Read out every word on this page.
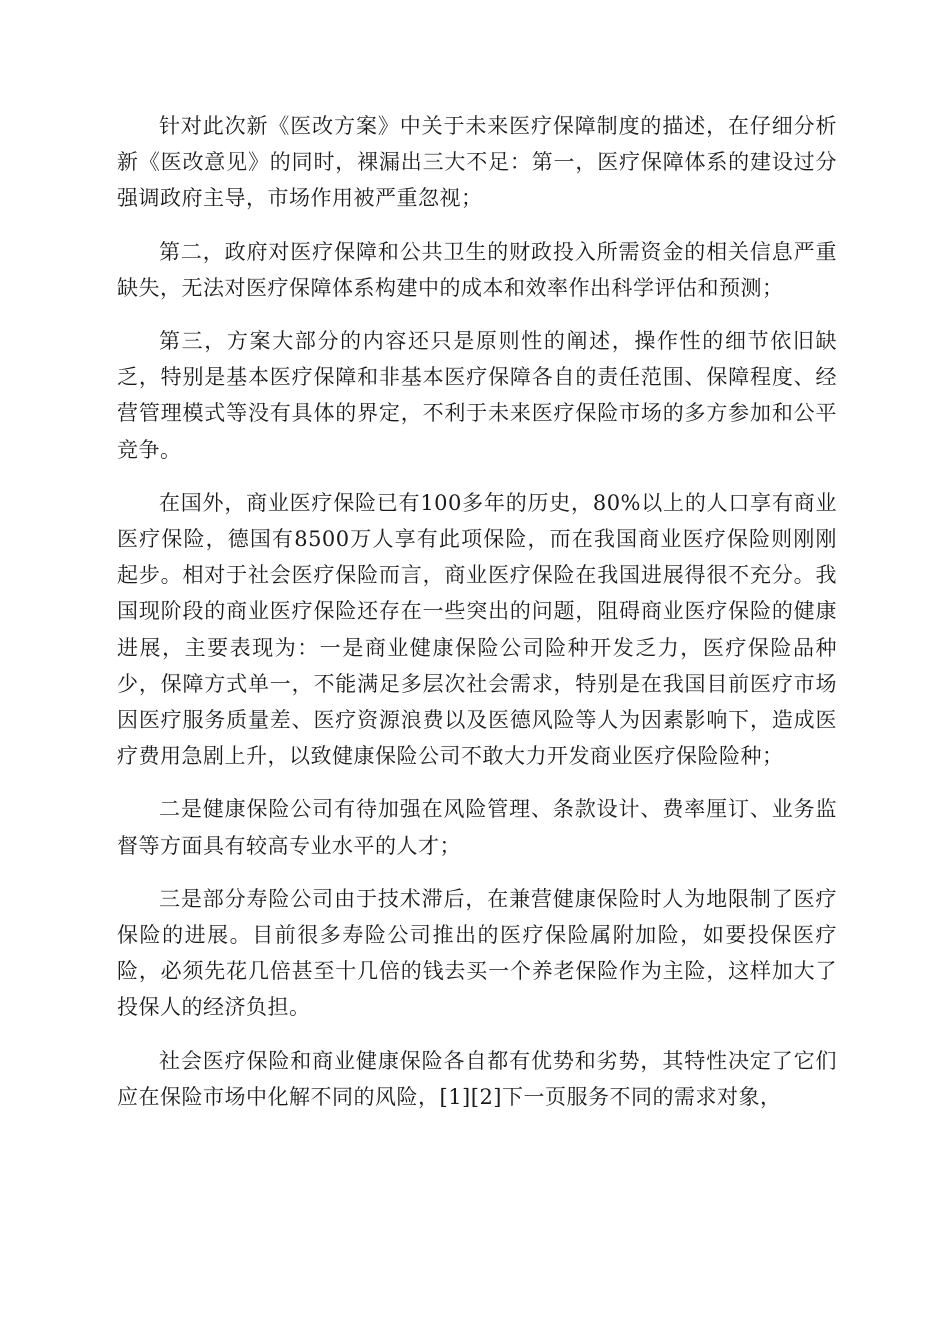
针对此次新《医改方案》中关于未来医疗保障制度的描述，在仔细分析新《医改意见》的同时，裸漏出三大不足：第一，医疗保障体系的建设过分强调政府主导，市场作用被严重忽视；

第二，政府对医疗保障和公共卫生的财政投入所需资金的相关信息严重缺失，无法对医疗保障体系构建中的成本和效率作出科学评估和预测；

第三，方案大部分的内容还只是原则性的阐述，操作性的细节依旧缺乏，特别是基本医疗保障和非基本医疗保障各自的责任范围、保障程度、经营管理模式等没有具体的界定，不利于未来医疗保险市场的多方参加和公平竞争。

在国外，商业医疗保险已有100多年的历史，80%以上的人口享有商业医疗保险，德国有8500万人享有此项保险，而在我国商业医疗保险则刚刚起步。相对于社会医疗保险而言，商业医疗保险在我国进展得很不充分。我国现阶段的商业医疗保险还存在一些突出的问题，阻碍商业医疗保险的健康进展，主要表现为：一是商业健康保险公司险种开发乏力，医疗保险品种少，保障方式单一，不能满足多层次社会需求，特别是在我国目前医疗市场因医疗服务质量差、医疗资源浪费以及医德风险等人为因素影响下，造成医疗费用急剧上升，以致健康保险公司不敢大力开发商业医疗保险险种；

二是健康保险公司有待加强在风险管理、条款设计、费率厘订、业务监督等方面具有较高专业水平的人才；

三是部分寿险公司由于技术滞后，在兼营健康保险时人为地限制了医疗保险的进展。目前很多寿险公司推出的医疗保险属附加险，如要投保医疗险，必须先花几倍甚至十几倍的钱去买一个养老保险作为主险，这样加大了投保人的经济负担。

社会医疗保险和商业健康保险各自都有优势和劣势，其特性决定了它们应在保险市场中化解不同的风险，[1][2]下一页服务不同的需求对象，
